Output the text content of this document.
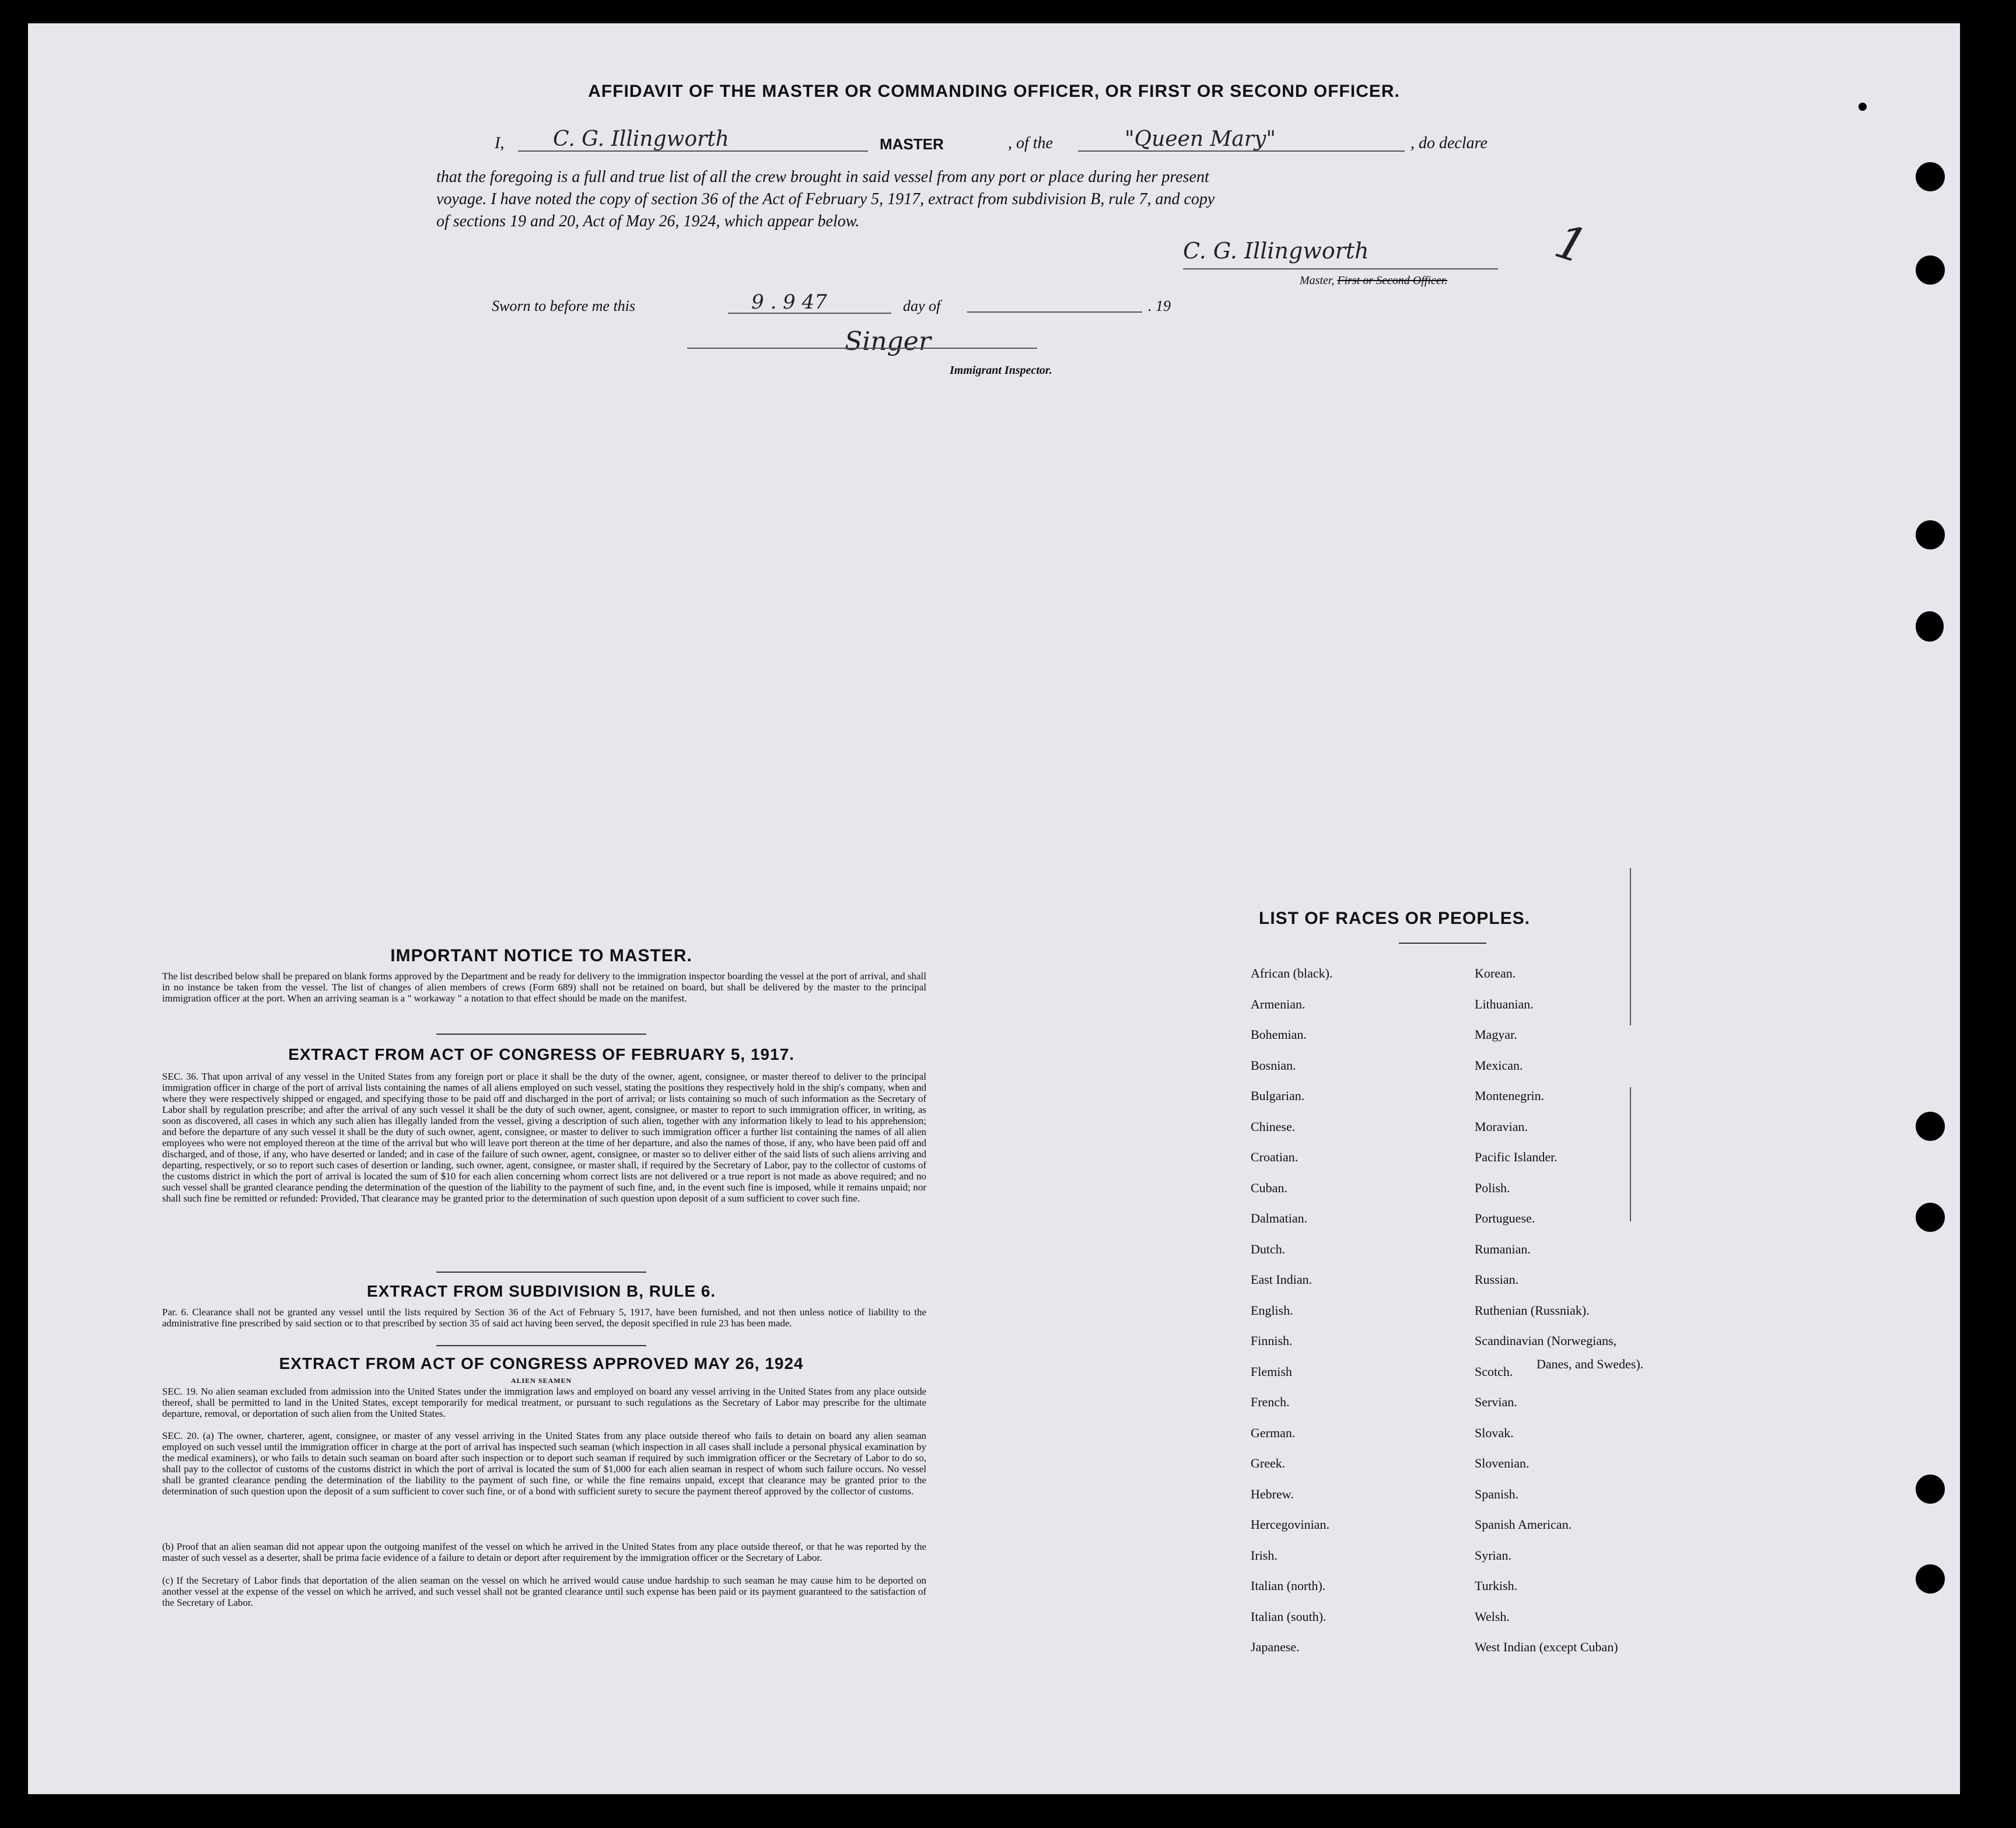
AFFIDAVIT OF THE MASTER OR COMMANDING OFFICER, OR FIRST OR SECOND OFFICER.
I,	C. G. Illingworth	MASTER	, of the	"Queen Mary"	, do declare
that the foregoing is a full and true list of all the crew brought in said vessel from any port or place during her present
voyage. I have noted the copy of section 36 of the Act of February 5, 1917, extract from subdivision B, rule 7, and copy
of sections 19 and 20, Act of May 26, 1924, which appear below.
C. G. Illingworth	1
Master, First or Second Officer.
Sworn to before me this	9 . 9 47	day of	. 19
Singer
Immigrant Inspector.
IMPORTANT NOTICE TO MASTER.
The list described below shall be prepared on blank forms approved by the Department and be ready for delivery to the immigration inspector boarding the vessel at the port of arrival, and shall in no instance be taken from the vessel. The list of changes of alien members of crews (Form 689) shall not be retained on board, but shall be delivered by the master to the principal immigration officer at the port. When an arriving seaman is a " workaway " a notation to that effect should be made on the manifest.
EXTRACT FROM ACT OF CONGRESS OF FEBRUARY 5, 1917.
SEC. 36. That upon arrival of any vessel in the United States from any foreign port or place it shall be the duty of the owner, agent, consignee, or master thereof to deliver to the principal immigration officer in charge of the port of arrival lists containing the names of all aliens employed on such vessel, stating the positions they respectively hold in the ship's company, when and where they were respectively shipped or engaged, and specifying those to be paid off and discharged in the port of arrival; or lists containing so much of such information as the Secretary of Labor shall by regulation prescribe; and after the arrival of any such vessel it shall be the duty of such owner, agent, consignee, or master to report to such immigration officer, in writing, as soon as discovered, all cases in which any such alien has illegally landed from the vessel, giving a description of such alien, together with any information likely to lead to his apprehension; and before the departure of any such vessel it shall be the duty of such owner, agent, consignee, or master to deliver to such immigration officer a further list containing the names of all alien employees who were not employed thereon at the time of the arrival but who will leave port thereon at the time of her departure, and also the names of those, if any, who have been paid off and discharged, and of those, if any, who have deserted or landed; and in case of the failure of such owner, agent, consignee, or master so to deliver either of the said lists of such aliens arriving and departing, respectively, or so to report such cases of desertion or landing, such owner, agent, consignee, or master shall, if required by the Secretary of Labor, pay to the collector of customs of the customs district in which the port of arrival is located the sum of $10 for each alien concerning whom correct lists are not delivered or a true report is not made as above required; and no such vessel shall be granted clearance pending the determination of the question of the liability to the payment of such fine, and, in the event such fine is imposed, while it remains unpaid; nor shall such fine be remitted or refunded: Provided, That clearance may be granted prior to the determination of such question upon deposit of a sum sufficient to cover such fine.
EXTRACT FROM SUBDIVISION B, RULE 6.
Par. 6. Clearance shall not be granted any vessel until the lists required by Section 36 of the Act of February 5, 1917, have been furnished, and not then unless notice of liability to the administrative fine prescribed by said section or to that prescribed by section 35 of said act having been served, the deposit specified in rule 23 has been made.
EXTRACT FROM ACT OF CONGRESS APPROVED MAY 26, 1924
ALIEN SEAMEN
SEC. 19. No alien seaman excluded from admission into the United States under the immigration laws and employed on board any vessel arriving in the United States from any place outside thereof, shall be permitted to land in the United States, except temporarily for medical treatment, or pursuant to such regulations as the Secretary of Labor may prescribe for the ultimate departure, removal, or deportation of such alien from the United States.
SEC. 20. (a) The owner, charterer, agent, consignee, or master of any vessel arriving in the United States from any place outside thereof who fails to detain on board any alien seaman employed on such vessel until the immigration officer in charge at the port of arrival has inspected such seaman (which inspection in all cases shall include a personal physical examination by the medical examiners), or who fails to detain such seaman on board after such inspection or to deport such seaman if required by such immigration officer or the Secretary of Labor to do so, shall pay to the collector of customs of the customs district in which the port of arrival is located the sum of $1,000 for each alien seaman in respect of whom such failure occurs. No vessel shall be granted clearance pending the determination of the liability to the payment of such fine, or while the fine remains unpaid, except that clearance may be granted prior to the determination of such question upon the deposit of a sum sufficient to cover such fine, or of a bond with sufficient surety to secure the payment thereof approved by the collector of customs.
(b) Proof that an alien seaman did not appear upon the outgoing manifest of the vessel on which he arrived in the United States from any place outside thereof, or that he was reported by the master of such vessel as a deserter, shall be prima facie evidence of a failure to detain or deport after requirement by the immigration officer or the Secretary of Labor.
(c) If the Secretary of Labor finds that deportation of the alien seaman on the vessel on which he arrived would cause undue hardship to such seaman he may cause him to be deported on another vessel at the expense of the vessel on which he arrived, and such vessel shall not be granted clearance until such expense has been paid or its payment guaranteed to the satisfaction of the Secretary of Labor.
LIST OF RACES OR PEOPLES.
African (black).
Armenian.
Bohemian.
Bosnian.
Bulgarian.
Chinese.
Croatian.
Cuban.
Dalmatian.
Dutch.
East Indian.
English.
Finnish.
Flemish
French.
German.
Greek.
Hebrew.
Hercegovinian.
Irish.
Italian (north).
Italian (south).
Japanese.
Korean.
Lithuanian.
Magyar.
Mexican.
Montenegrin.
Moravian.
Pacific Islander.
Polish.
Portuguese.
Rumanian.
Russian.
Ruthenian (Russniak).
Scandinavian (Norwegians,
Scotch.
Servian.
Slovak.
Slovenian.
Spanish.
Spanish American.
Syrian.
Turkish.
Welsh.
West Indian (except Cuban)
Danes, and Swedes).
